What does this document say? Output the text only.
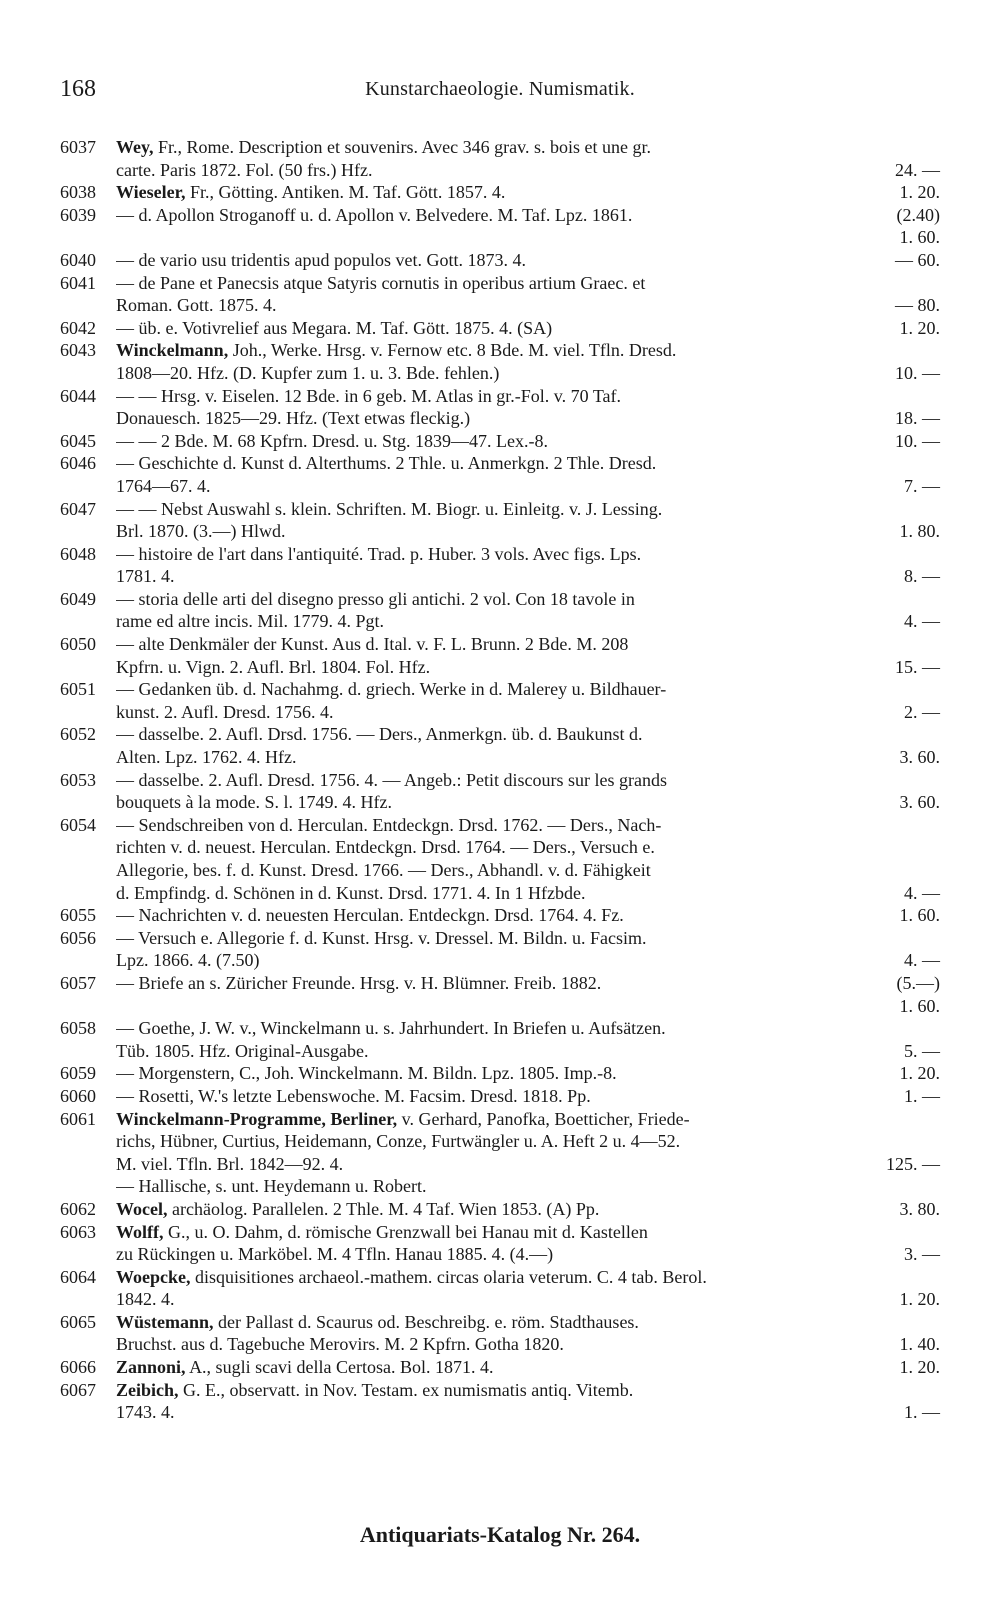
168	Kunstarchaeologie. Numismatik.
6037	Wey, Fr., Rome. Description et souvenirs. Avec 346 grav. s. bois et une gr.
carte. Paris 1872. Fol. (50 frs.) Hfz.	24. —
6038	Wieseler, Fr., Götting. Antiken. M. Taf. Gött. 1857. 4.	1. 20.
6039	— d. Apollon Stroganoff u. d. Apollon v. Belvedere. M. Taf. Lpz. 1861.	(2.40)
1. 60.
6040	— de vario usu tridentis apud populos vet. Gott. 1873. 4.	— 60.
6041	— de Pane et Panecsis atque Satyris cornutis in operibus artium Graec. et
Roman. Gott. 1875. 4.	— 80.
6042	— üb. e. Votivrelief aus Megara. M. Taf. Gött. 1875. 4. (SA)	1. 20.
6043	Winckelmann, Joh., Werke. Hrsg. v. Fernow etc. 8 Bde. M. viel. Tfln. Dresd.
1808—20. Hfz. (D. Kupfer zum 1. u. 3. Bde. fehlen.)	10. —
6044	— — Hrsg. v. Eiselen. 12 Bde. in 6 geb. M. Atlas in gr.-Fol. v. 70 Taf.
Donauesch. 1825—29. Hfz. (Text etwas fleckig.)	18. —
6045	— — 2 Bde. M. 68 Kpfrn. Dresd. u. Stg. 1839—47. Lex.-8.	10. —
6046	— Geschichte d. Kunst d. Alterthums. 2 Thle. u. Anmerkgn. 2 Thle. Dresd.
1764—67. 4.	7. —
6047	— — Nebst Auswahl s. klein. Schriften. M. Biogr. u. Einleitg. v. J. Lessing.
Brl. 1870. (3.—) Hlwd.	1. 80.
6048	— histoire de l'art dans l'antiquité. Trad. p. Huber. 3 vols. Avec figs. Lps.
1781. 4.	8. —
6049	— storia delle arti del disegno presso gli antichi. 2 vol. Con 18 tavole in
rame ed altre incis. Mil. 1779. 4. Pgt.	4. —
6050	— alte Denkmäler der Kunst. Aus d. Ital. v. F. L. Brunn. 2 Bde. M. 208
Kpfrn. u. Vign. 2. Aufl. Brl. 1804. Fol. Hfz.	15. —
6051	— Gedanken üb. d. Nachahmg. d. griech. Werke in d. Malerey u. Bildhauer-
kunst. 2. Aufl. Dresd. 1756. 4.	2. —
6052	— dasselbe. 2. Aufl. Drsd. 1756. — Ders., Anmerkgn. üb. d. Baukunst d.
Alten. Lpz. 1762. 4. Hfz.	3. 60.
6053	— dasselbe. 2. Aufl. Dresd. 1756. 4. — Angeb.: Petit discours sur les grands
bouquets à la mode. S. l. 1749. 4. Hfz.	3. 60.
6054	— Sendschreiben von d. Herculan. Entdeckgn. Drsd. 1762. — Ders., Nach-
richten v. d. neuest. Herculan. Entdeckgn. Drsd. 1764. — Ders., Versuch e.
Allegorie, bes. f. d. Kunst. Dresd. 1766. — Ders., Abhandl. v. d. Fähigkeit
d. Empfindg. d. Schönen in d. Kunst. Drsd. 1771. 4. In 1 Hfzbde.	4. —
6055	— Nachrichten v. d. neuesten Herculan. Entdeckgn. Drsd. 1764. 4. Fz.	1. 60.
6056	— Versuch e. Allegorie f. d. Kunst. Hrsg. v. Dressel. M. Bildn. u. Facsim.
Lpz. 1866. 4. (7.50)	4. —
6057	— Briefe an s. Züricher Freunde. Hrsg. v. H. Blümner. Freib. 1882.	(5.—)
1. 60.
6058	— Goethe, J. W. v., Winckelmann u. s. Jahrhundert. In Briefen u. Aufsätzen.
Tüb. 1805. Hfz. Original-Ausgabe.	5. —
6059	— Morgenstern, C., Joh. Winckelmann. M. Bildn. Lpz. 1805. Imp.-8.	1. 20.
6060	— Rosetti, W.'s letzte Lebenswoche. M. Facsim. Dresd. 1818. Pp.	1. —
6061	Winckelmann-Programme, Berliner, v. Gerhard, Panofka, Boetticher, Friede-
richs, Hübner, Curtius, Heidemann, Conze, Furtwängler u. A. Heft 2 u. 4—52.
M. viel. Tfln. Brl. 1842—92. 4.	125. —
— Hallische, s. unt. Heydemann u. Robert.
6062	Wocel, archäolog. Parallelen. 2 Thle. M. 4 Taf. Wien 1853. (A) Pp.	3. 80.
6063	Wolff, G., u. O. Dahm, d. römische Grenzwall bei Hanau mit d. Kastellen
zu Rückingen u. Marköbel. M. 4 Tfln. Hanau 1885. 4. (4.—)	3. —
6064	Woepcke, disquisitiones archaeol.-mathem. circas olaria veterum. C. 4 tab. Berol.
1842. 4.	1. 20.
6065	Wüstemann, der Pallast d. Scaurus od. Beschreibg. e. röm. Stadthauses.
Bruchst. aus d. Tagebuche Merovirs. M. 2 Kpfrn. Gotha 1820.	1. 40.
6066	Zannoni, A., sugli scavi della Certosa. Bol. 1871. 4.	1. 20.
6067	Zeibich, G. E., observatt. in Nov. Testam. ex numismatis antiq. Vitemb.
1743. 4.	1. —
Antiquariats-Katalog Nr. 264.
